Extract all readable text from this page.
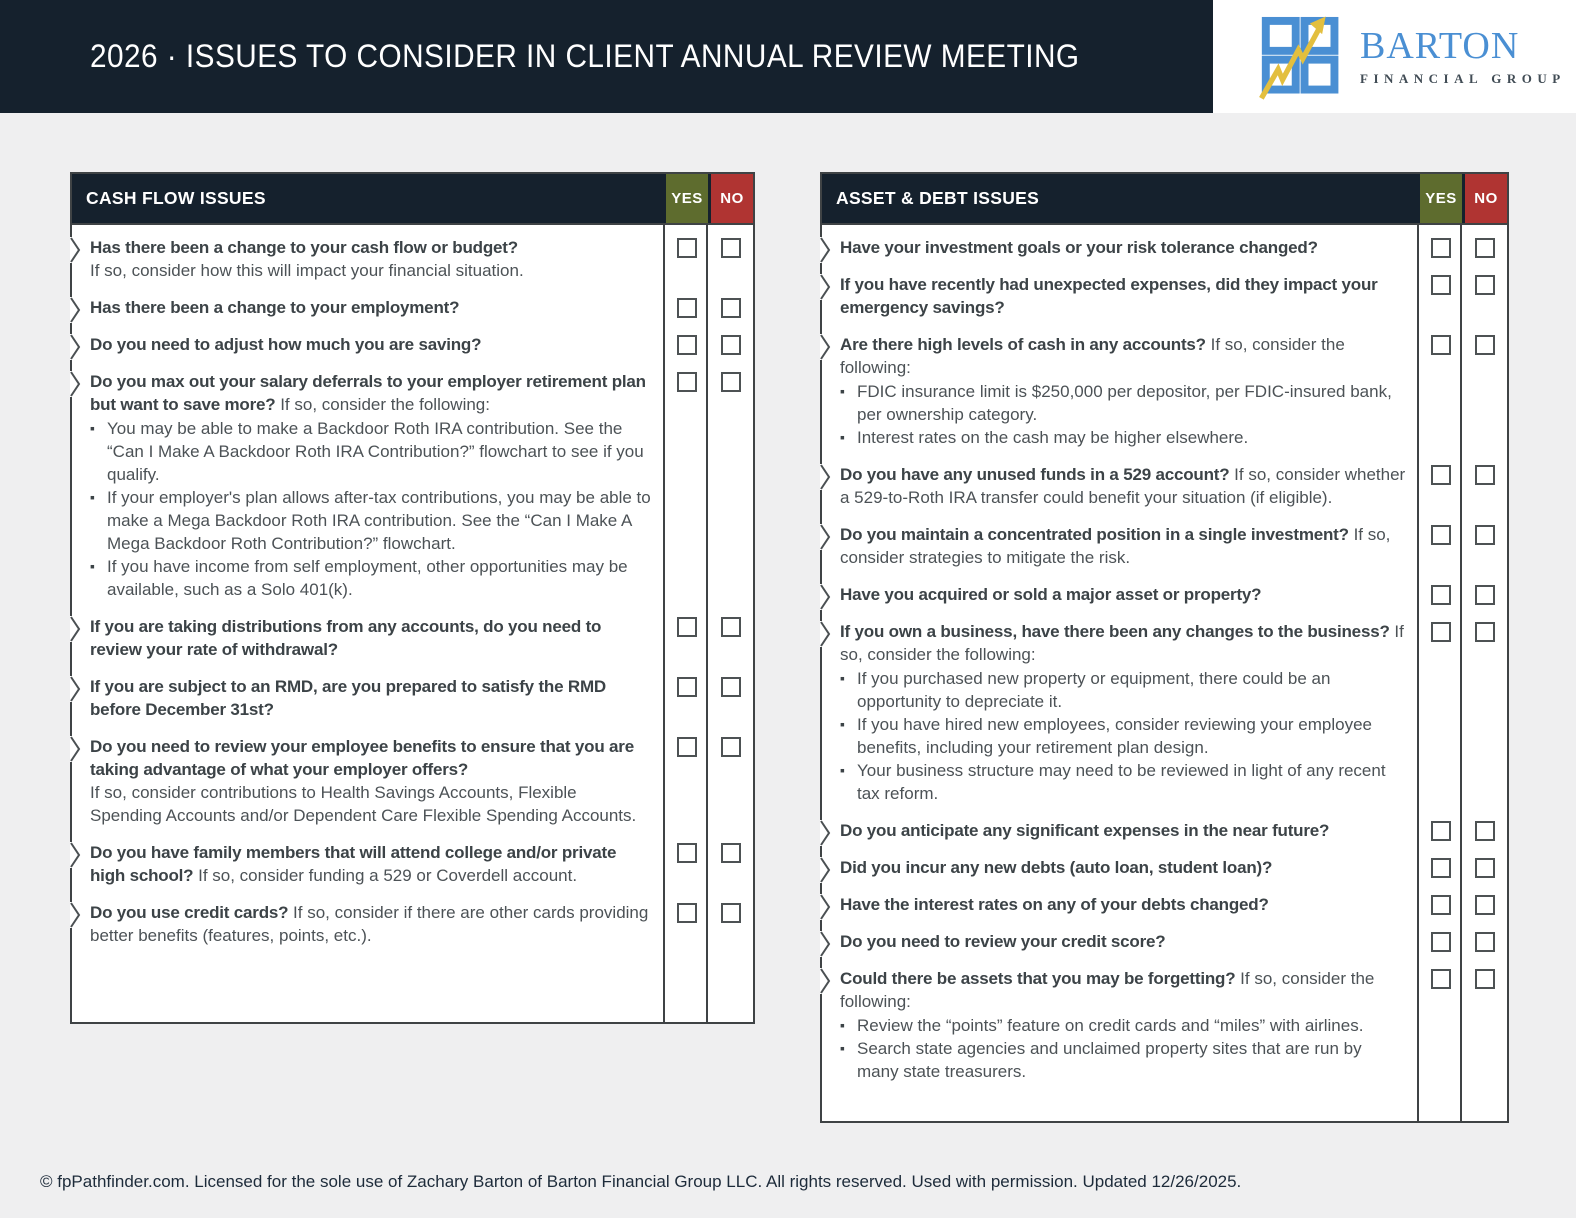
2026 · ISSUES TO CONSIDER IN CLIENT ANNUAL REVIEW MEETING	BARTON
FINANCIAL GROUP
CASH FLOW ISSUES	YES	NO
Has there been a change to your cash flow or budget?
If so, consider how this will impact your financial situation.
Has there been a change to your employment?
Do you need to adjust how much you are saving?
Do you max out your salary deferrals to your employer retirement plan but want to save more? If so, consider the following:
▪ You may be able to make a Backdoor Roth IRA contribution. See the “Can I Make A Backdoor Roth IRA Contribution?” flowchart to see if you qualify.
▪ If your employer's plan allows after-tax contributions, you may be able to make a Mega Backdoor Roth IRA contribution. See the “Can I Make A Mega Backdoor Roth Contribution?” flowchart.
▪ If you have income from self employment, other opportunities may be available, such as a Solo 401(k).
If you are taking distributions from any accounts, do you need to review your rate of withdrawal?
If you are subject to an RMD, are you prepared to satisfy the RMD before December 31st?
Do you need to review your employee benefits to ensure that you are taking advantage of what your employer offers?
If so, consider contributions to Health Savings Accounts, Flexible Spending Accounts and/or Dependent Care Flexible Spending Accounts.
Do you have family members that will attend college and/or private high school? If so, consider funding a 529 or Coverdell account.
Do you use credit cards? If so, consider if there are other cards providing better benefits (features, points, etc.).
ASSET & DEBT ISSUES	YES	NO
Have your investment goals or your risk tolerance changed?
If you have recently had unexpected expenses, did they impact your emergency savings?
Are there high levels of cash in any accounts? If so, consider the following:
▪ FDIC insurance limit is $250,000 per depositor, per FDIC-insured bank, per ownership category.
▪ Interest rates on the cash may be higher elsewhere.
Do you have any unused funds in a 529 account? If so, consider whether a 529-to-Roth IRA transfer could benefit your situation (if eligible).
Do you maintain a concentrated position in a single investment? If so, consider strategies to mitigate the risk.
Have you acquired or sold a major asset or property?
If you own a business, have there been any changes to the business? If so, consider the following:
▪ If you purchased new property or equipment, there could be an opportunity to depreciate it.
▪ If you have hired new employees, consider reviewing your employee benefits, including your retirement plan design.
▪ Your business structure may need to be reviewed in light of any recent tax reform.
Do you anticipate any significant expenses in the near future?
Did you incur any new debts (auto loan, student loan)?
Have the interest rates on any of your debts changed?
Do you need to review your credit score?
Could there be assets that you may be forgetting? If so, consider the following:
▪ Review the “points” feature on credit cards and “miles” with airlines.
▪ Search state agencies and unclaimed property sites that are run by many state treasurers.
© fpPathfinder.com. Licensed for the sole use of Zachary Barton of Barton Financial Group LLC. All rights reserved. Used with permission. Updated 12/26/2025.
